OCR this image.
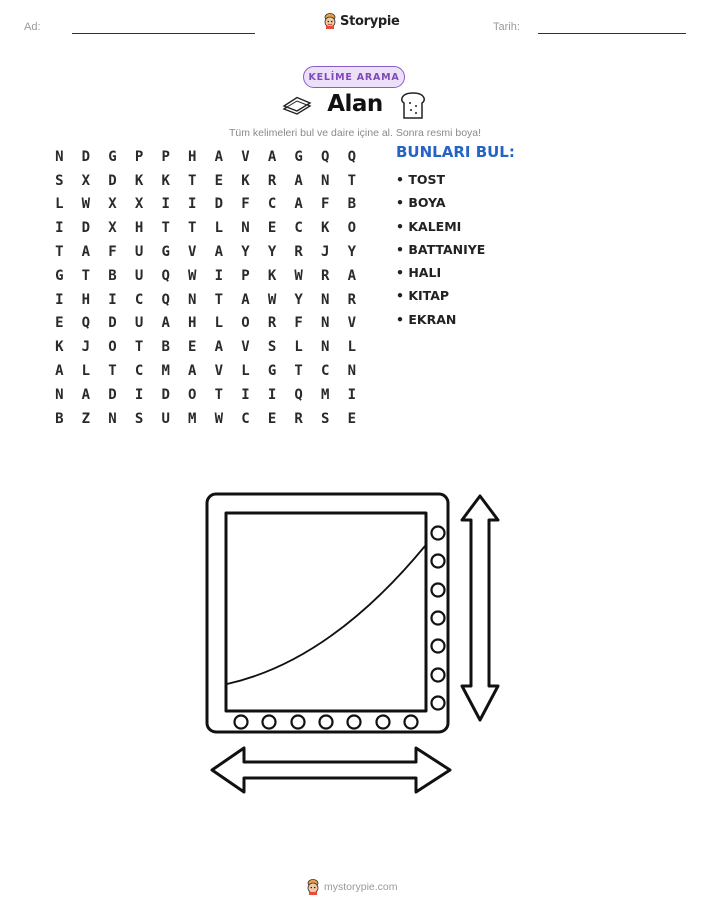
Ad:	Storypie	Tarih:
KELİME ARAMA
Alan
Tüm kelimeleri bul ve daire içine al. Sonra resmi boya!
N	D	G	P	P	H	A	V	A	G	Q	Q
S	X	D	K	K	T	E	K	R	A	N	T
L	W	X	X	I	I	D	F	C	A	F	B
I	D	X	H	T	T	L	N	E	C	K	O
T	A	F	U	G	V	A	Y	Y	R	J	Y
G	T	B	U	Q	W	I	P	K	W	R	A
I	H	I	C	Q	N	T	A	W	Y	N	R
E	Q	D	U	A	H	L	O	R	F	N	V
K	J	O	T	B	E	A	V	S	L	N	L
A	L	T	C	M	A	V	L	G	T	C	N
N	A	D	I	D	O	T	I	I	Q	M	I
B	Z	N	S	U	M	W	C	E	R	S	E
BUNLARI BUL:
• TOST
• BOYA
• KALEMI
• BATTANIYE
• HALI
• KITAP
• EKRAN
mystorypie.com
